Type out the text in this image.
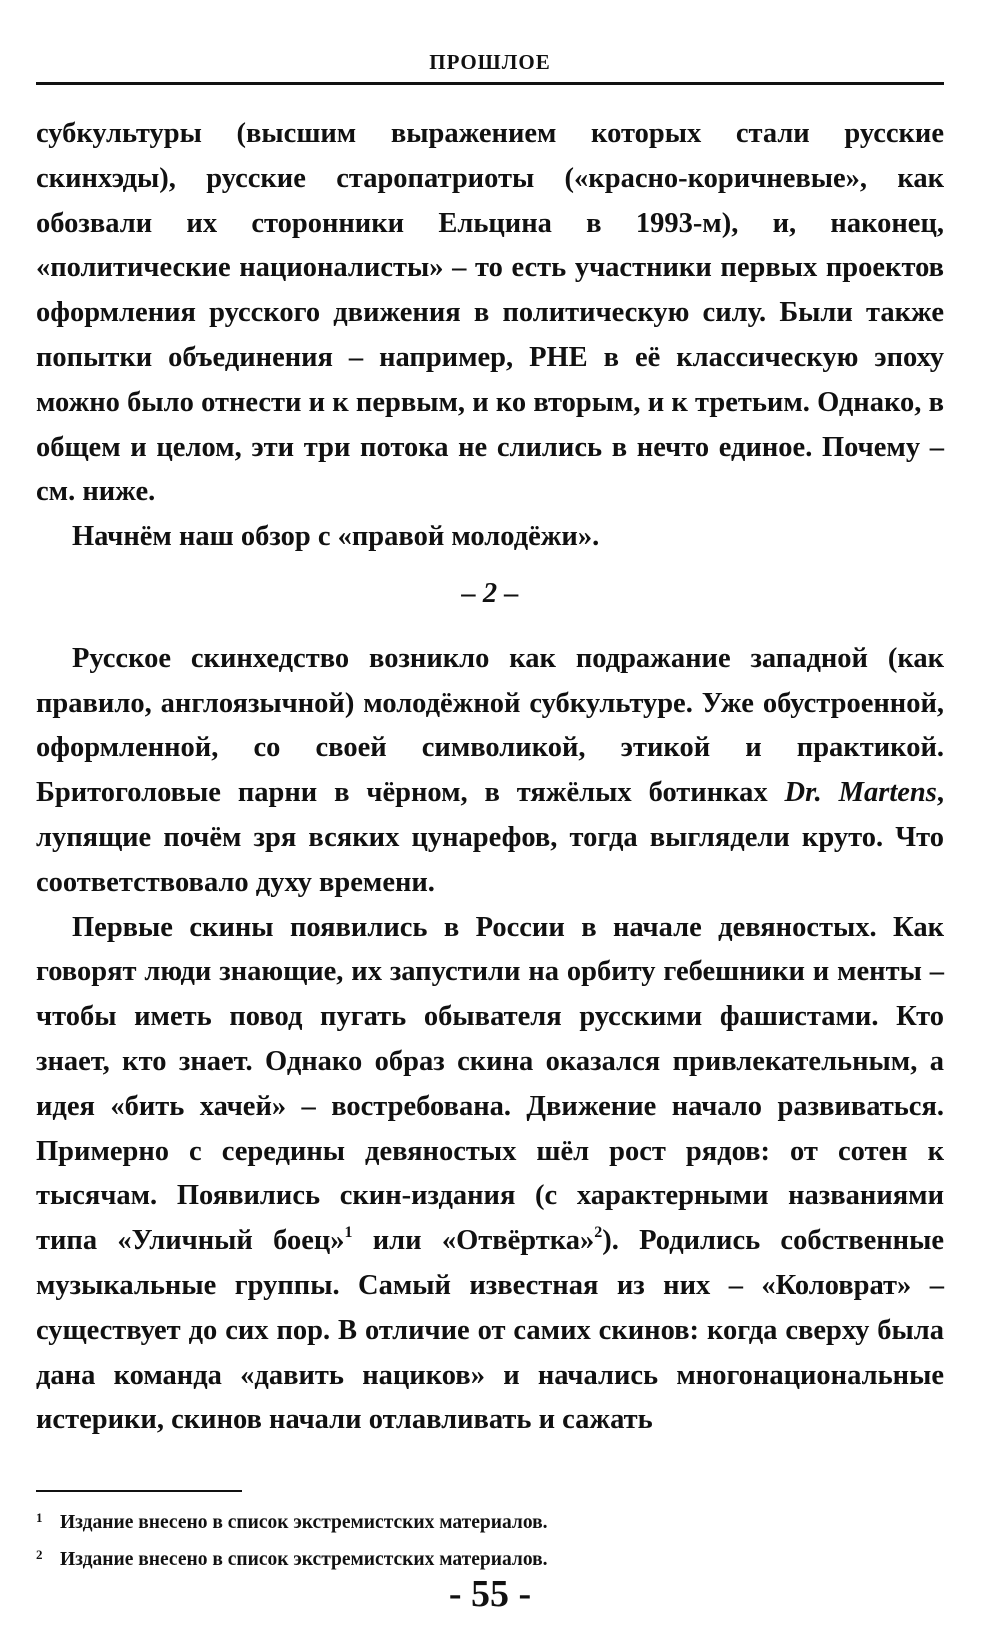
ПРОШЛОЕ

субкультуры (высшим выражением которых стали русские скинхэды), русские старопатриоты («красно-коричневые», как обозвали их сторонники Ельцина в 1993-м), и, наконец, «политические националисты» – то есть участники первых проектов оформления русского движения в политическую силу. Были также попытки объединения – например, РНЕ в её классическую эпоху можно было отнести и к первым, и ко вторым, и к третьим. Однако, в общем и целом, эти три потока не слились в нечто единое. Почему – см. ниже.

Начнём наш обзор с «правой молодёжи».

– 2 –

Русское скинхедство возникло как подражание западной (как правило, англоязычной) молодёжной субкультуре. Уже обустроенной, оформленной, со своей символикой, этикой и практикой. Бритоголовые парни в чёрном, в тяжёлых ботинках Dr. Martens, лупящие почём зря всяких цунарефов, тогда выглядели круто. Что соответствовало духу времени.

Первые скины появились в России в начале девяностых. Как говорят люди знающие, их запустили на орбиту гебешники и менты – чтобы иметь повод пугать обывателя русскими фашистами. Кто знает, кто знает. Однако образ скина оказался привлекательным, а идея «бить хачей» – востребована. Движение начало развиваться. Примерно с середины девяностых шёл рост рядов: от сотен к тысячам. Появились скин-издания (с характерными названиями типа «Уличный боец»$^1$ или «Отвёртка»$^2$). Родились собственные музыкальные группы. Самый известная из них – «Коловрат» – существует до сих пор. В отличие от самих скинов: когда сверху была дана команда «давить нациков» и начались многонациональные истерики, скинов начали отлавливать и сажать

1 Издание внесено в список экстремистских материалов.

2 Издание внесено в список экстремистских материалов.

- 55 -
